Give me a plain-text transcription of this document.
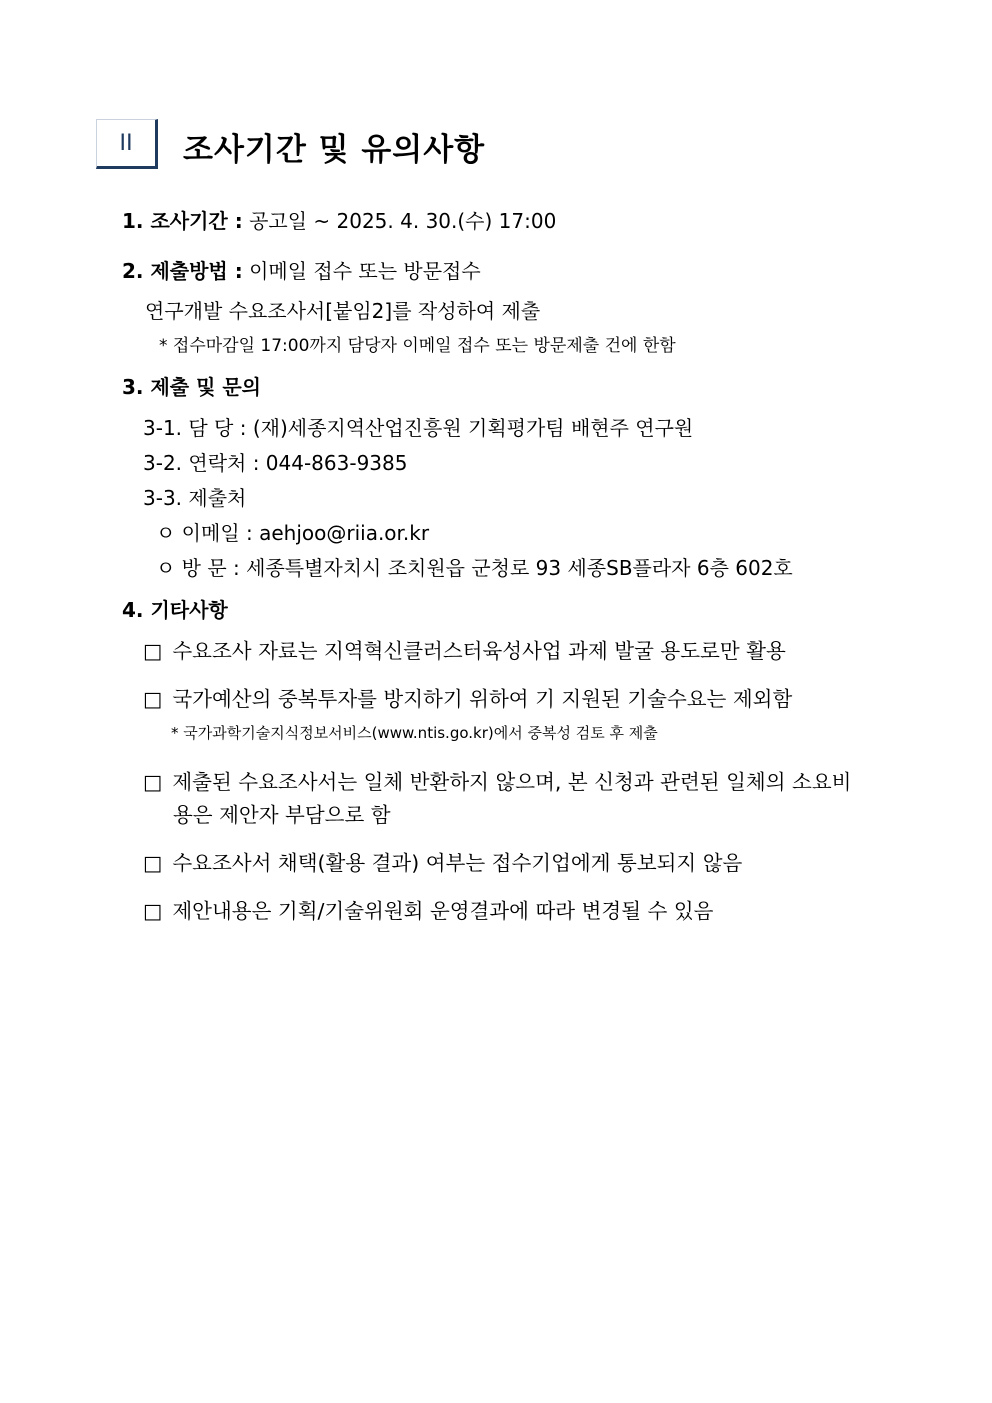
II 조사기간 및 유의사항
1. 조사기간 : 공고일 ~ 2025. 4. 30.(수) 17:00
2. 제출방법 : 이메일 접수 또는 방문접수
연구개발 수요조사서[붙임2]를 작성하여 제출
* 접수마감일 17:00까지 담당자 이메일 접수 또는 방문제출 건에 한함
3. 제출 및 문의
3-1. 담 당 : (재)세종지역산업진흥원 기획평가팀 배현주 연구원
3-2. 연락처 : 044-863-9385
3-3. 제출처
ㅇ 이메일 : aehjoo@riia.or.kr
ㅇ 방 문 : 세종특별자치시 조치원읍 군청로 93 세종SB플라자 6층 602호
4. 기타사항
□ 수요조사 자료는 지역혁신클러스터육성사업 과제 발굴 용도로만 활용
□ 국가예산의 중복투자를 방지하기 위하여 기 지원된 기술수요는 제외함
* 국가과학기술지식정보서비스(www.ntis.go.kr)에서 중복성 검토 후 제출
□ 제출된 수요조사서는 일체 반환하지 않으며, 본 신청과 관련된 일체의 소요비
용은 제안자 부담으로 함
□ 수요조사서 채택(활용 결과) 여부는 접수기업에게 통보되지 않음
□ 제안내용은 기획/기술위원회 운영결과에 따라 변경될 수 있음
